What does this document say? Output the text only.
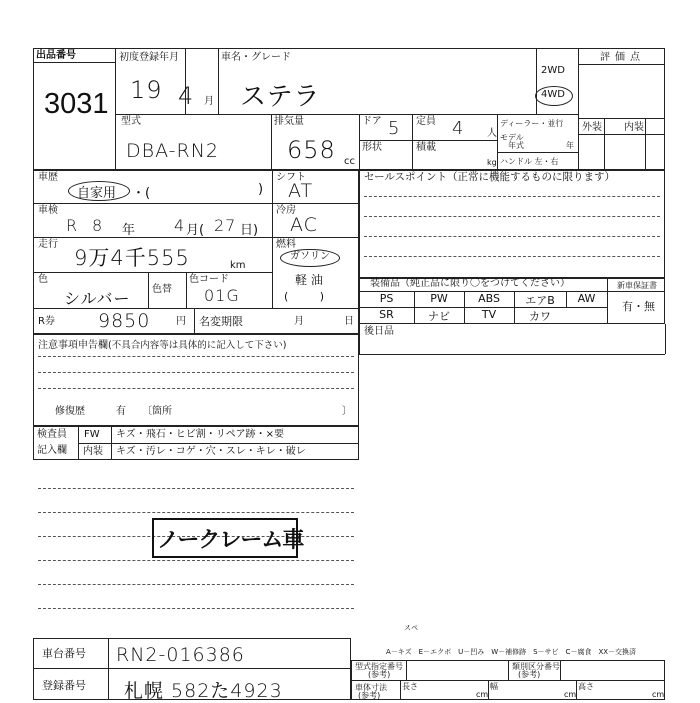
出品番号
3031
初度登録年月
19 4 月
車名・グレード
ステラ
2WD
4WD
評価点
外装 内装
型式
DBA-RN2
排気量
658 cc
ドア 5 定員 4 人
形状	積載
kg
ディーラー・並行
モデル
年式	年
ハンドル 左・右
車歴
自家用 ・(	)
シフト
AT
車検
R 8 年 4 月( 27 日)
冷房
AC
走行
9万4千555	km
燃料
ガソリン
軽 油
(         )
色
シルバー 色替
色コード
01G
R券 9850	円 名変期限	月	日
注意事項申告欄 (不具合内容等は具体的に記入して下さい)
修復歴	有 〔箇所	〕
検査員
記入欄
FW キズ・飛石・ヒビ割・リペア跡・×要
内装 キズ・汚レ・コゲ・穴・スレ・キレ・破レ
ノークレーム車
セールスポイント（正常に機能するものに限ります）
装備品（純正品に限り〇をつけてください）	新車保証書
有・無
PS	PW	ABS	エアB	AW
SR	ナビ	TV	カワ
後日品
スペ
A－キズ　E－エクボ　U－凹み　W－補修跡　S－サビ　C－腐食　XX－交換済
車台番号 RN2-016386
登録番号 札幌 582た4923
型式指定番号
(参考)
類別区分番号
(参考)
車体寸法
(参考)
長さ
cm
幅
cm
高さ
cm
